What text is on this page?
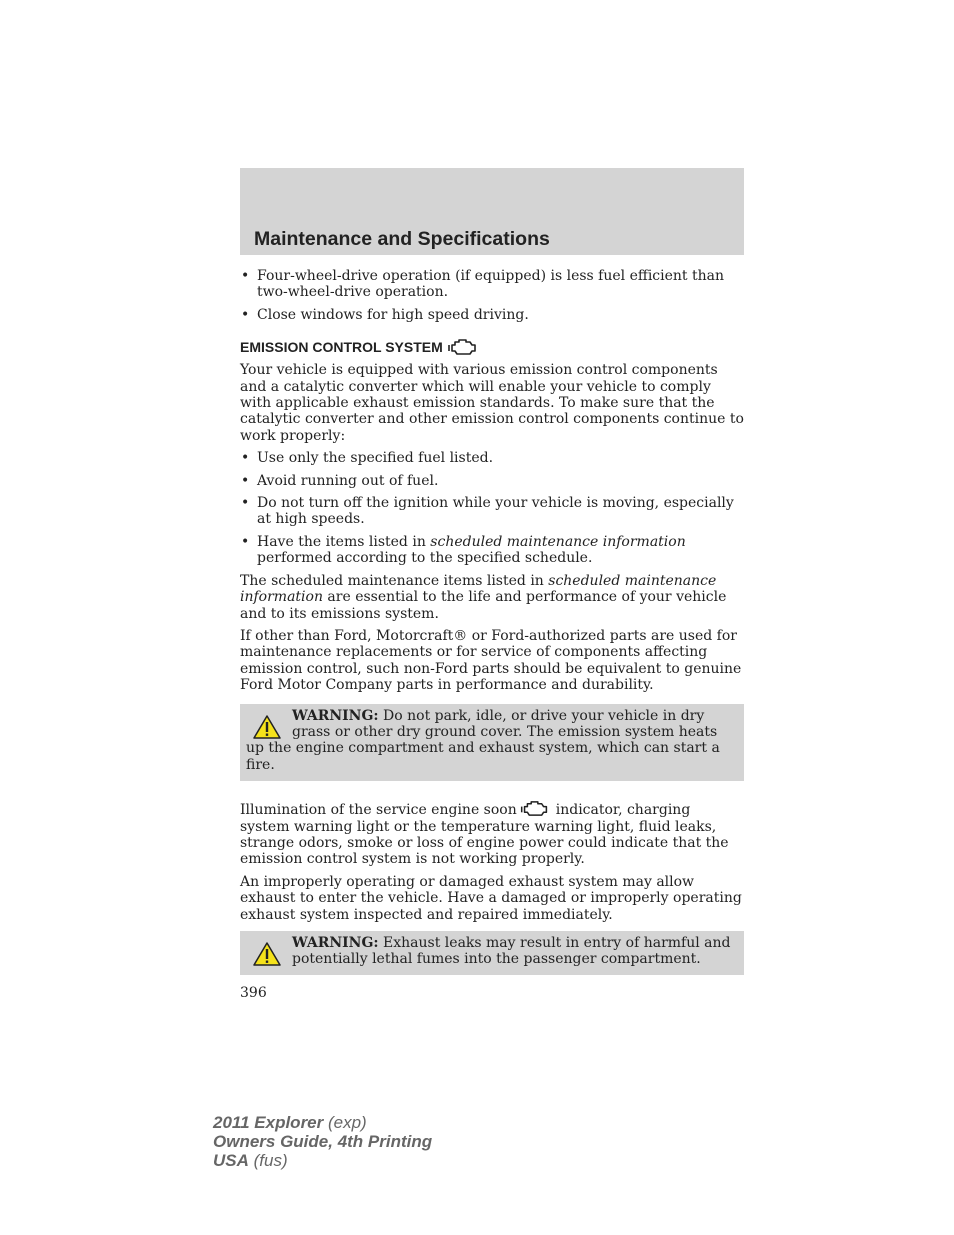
Maintenance and Specifications
• Four-wheel-drive operation (if equipped) is less fuel efficient than two-wheel-drive operation.
• Close windows for high speed driving.
EMISSION CONTROL SYSTEM

Your vehicle is equipped with various emission control components and a catalytic converter which will enable your vehicle to comply with applicable exhaust emission standards. To make sure that the catalytic converter and other emission control components continue to work properly:

• Use only the specified fuel listed.
• Avoid running out of fuel.
• Do not turn off the ignition while your vehicle is moving, especially at high speeds.
• Have the items listed in scheduled maintenance information performed according to the specified schedule.

The scheduled maintenance items listed in scheduled maintenance information are essential to the life and performance of your vehicle and to its emissions system.

If other than Ford, Motorcraft® or Ford-authorized parts are used for maintenance replacements or for service of components affecting emission control, such non-Ford parts should be equivalent to genuine Ford Motor Company parts in performance and durability.

WARNING: Do not park, idle, or drive your vehicle in dry grass or other dry ground cover. The emission system heats up the engine compartment and exhaust system, which can start a fire.

Illumination of the service engine soon	indicator, charging system warning light or the temperature warning light, fluid leaks, strange odors, smoke or loss of engine power could indicate that the emission control system is not working properly.

An improperly operating or damaged exhaust system may allow exhaust to enter the vehicle. Have a damaged or improperly operating exhaust system inspected and repaired immediately.

WARNING: Exhaust leaks may result in entry of harmful and potentially lethal fumes into the passenger compartment.
396
2011 Explorer (exp)
Owners Guide, 4th Printing
USA (fus)
